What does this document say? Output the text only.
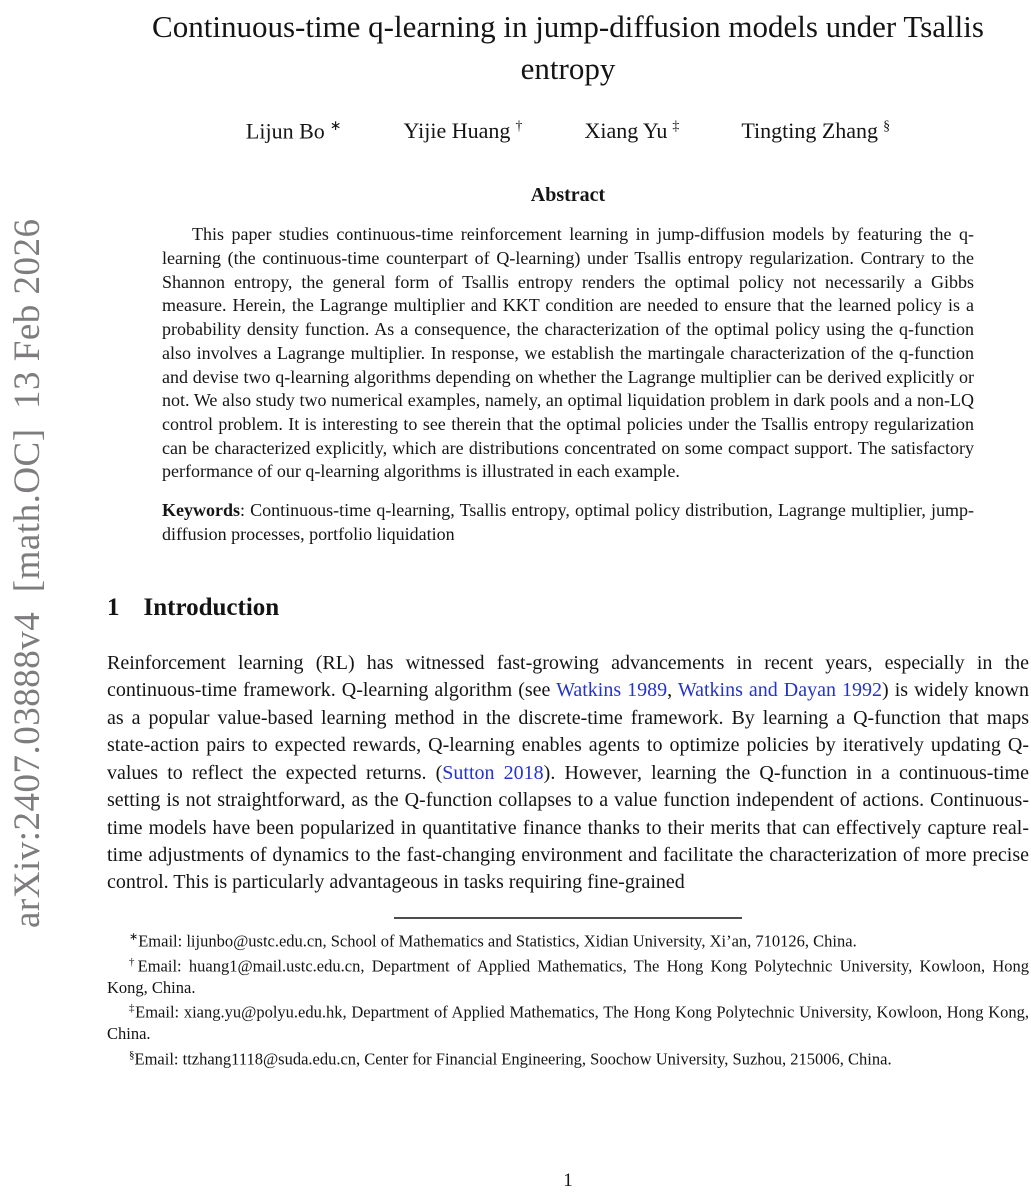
arXiv:2407.03888v4  [math.OC]  13 Feb 2026
Continuous-time q-learning in jump-diffusion models under Tsallis entropy
Lijun Bo ∗	Yijie Huang †	Xiang Yu ‡	Tingting Zhang §
Abstract

This paper studies continuous-time reinforcement learning in jump-diffusion models by featuring the q-learning (the continuous-time counterpart of Q-learning) under Tsallis entropy regularization. Contrary to the Shannon entropy, the general form of Tsallis entropy renders the optimal policy not necessarily a Gibbs measure. Herein, the Lagrange multiplier and KKT condition are needed to ensure that the learned policy is a probability density function. As a consequence, the characterization of the optimal policy using the q-function also involves a Lagrange multiplier. In response, we establish the martingale characterization of the q-function and devise two q-learning algorithms depending on whether the Lagrange multiplier can be derived explicitly or not. We also study two numerical examples, namely, an optimal liquidation problem in dark pools and a non-LQ control problem. It is interesting to see therein that the optimal policies under the Tsallis entropy regularization can be characterized explicitly, which are distributions concentrated on some compact support. The satisfactory performance of our q-learning algorithms is illustrated in each example.

Keywords: Continuous-time q-learning, Tsallis entropy, optimal policy distribution, Lagrange multiplier, jump-diffusion processes, portfolio liquidation

1 Introduction

Reinforcement learning (RL) has witnessed fast-growing advancements in recent years, especially in the continuous-time framework. Q-learning algorithm (see Watkins 1989, Watkins and Dayan 1992) is widely known as a popular value-based learning method in the discrete-time framework. By learning a Q-function that maps state-action pairs to expected rewards, Q-learning enables agents to optimize policies by iteratively updating Q-values to reflect the expected returns. (Sutton 2018). However, learning the Q-function in a continuous-time setting is not straightforward, as the Q-function collapses to a value function independent of actions. Continuous-time models have been popularized in quantitative finance thanks to their merits that can effectively capture real-time adjustments of dynamics to the fast-changing environment and facilitate the characterization of more precise control. This is particularly advantageous in tasks requiring fine-grained

∗Email: lijunbo@ustc.edu.cn, School of Mathematics and Statistics, Xidian University, Xi’an, 710126, China.

†Email: huang1@mail.ustc.edu.cn, Department of Applied Mathematics, The Hong Kong Polytechnic University, Kowloon, Hong Kong, China.

‡Email: xiang.yu@polyu.edu.hk, Department of Applied Mathematics, The Hong Kong Polytechnic University, Kowloon, Hong Kong, China.

§Email: ttzhang1118@suda.edu.cn, Center for Financial Engineering, Soochow University, Suzhou, 215006, China.

1
